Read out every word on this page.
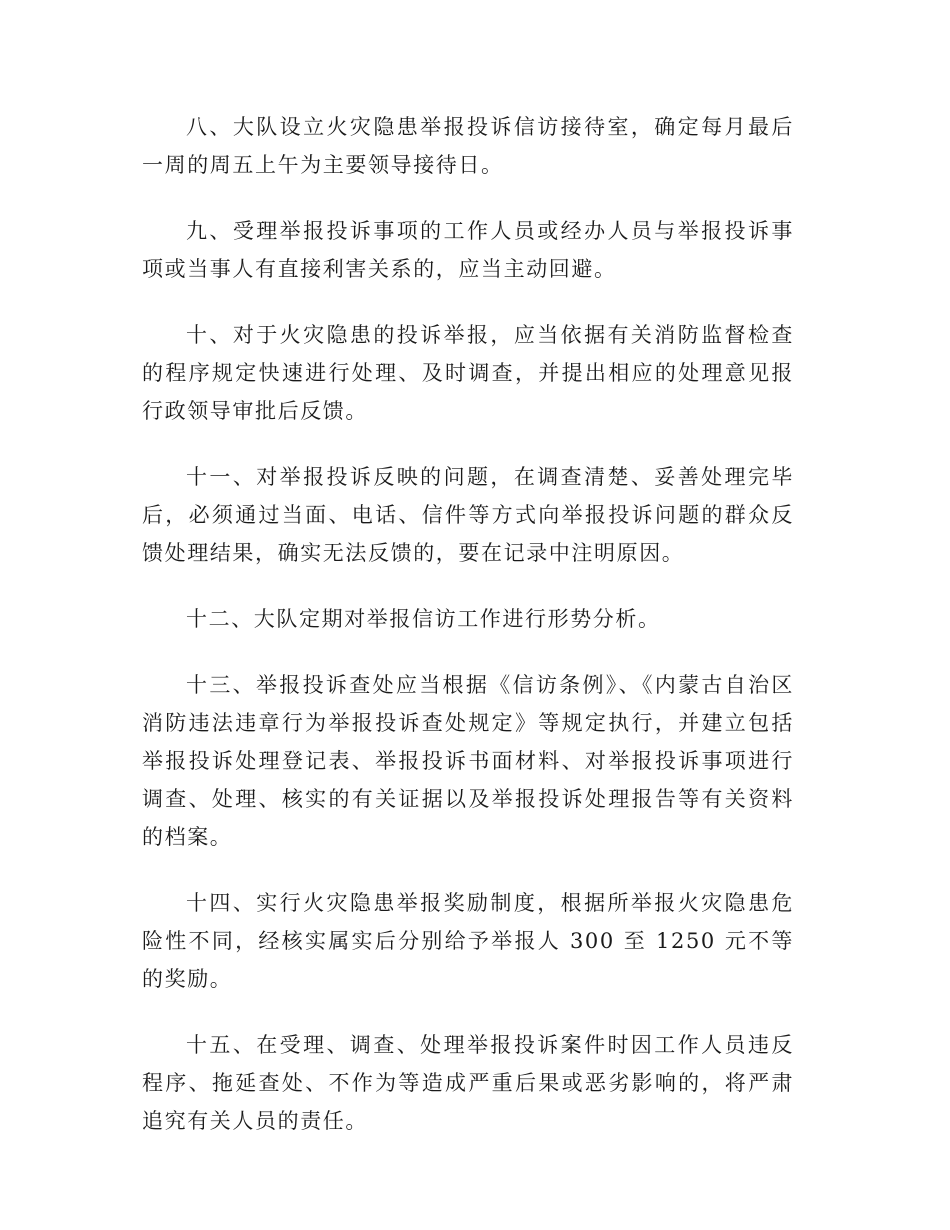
八、大队设立火灾隐患举报投诉信访接待室，确定每月最后一周的周五上午为主要领导接待日。

九、受理举报投诉事项的工作人员或经办人员与举报投诉事项或当事人有直接利害关系的，应当主动回避。

十、对于火灾隐患的投诉举报，应当依据有关消防监督检查的程序规定快速进行处理、及时调查，并提出相应的处理意见报行政领导审批后反馈。

十一、对举报投诉反映的问题，在调查清楚、妥善处理完毕后，必须通过当面、电话、信件等方式向举报投诉问题的群众反馈处理结果，确实无法反馈的，要在记录中注明原因。

十二、大队定期对举报信访工作进行形势分析。

十三、举报投诉查处应当根据《信访条例》、《内蒙古自治区消防违法违章行为举报投诉查处规定》等规定执行，并建立包括举报投诉处理登记表、举报投诉书面材料、对举报投诉事项进行调查、处理、核实的有关证据以及举报投诉处理报告等有关资料的档案。

十四、实行火灾隐患举报奖励制度，根据所举报火灾隐患危险性不同，经核实属实后分别给予举报人 300 至 1250 元不等的奖励。

十五、在受理、调查、处理举报投诉案件时因工作人员违反程序、拖延查处、不作为等造成严重后果或恶劣影响的，将严肃追究有关人员的责任。
